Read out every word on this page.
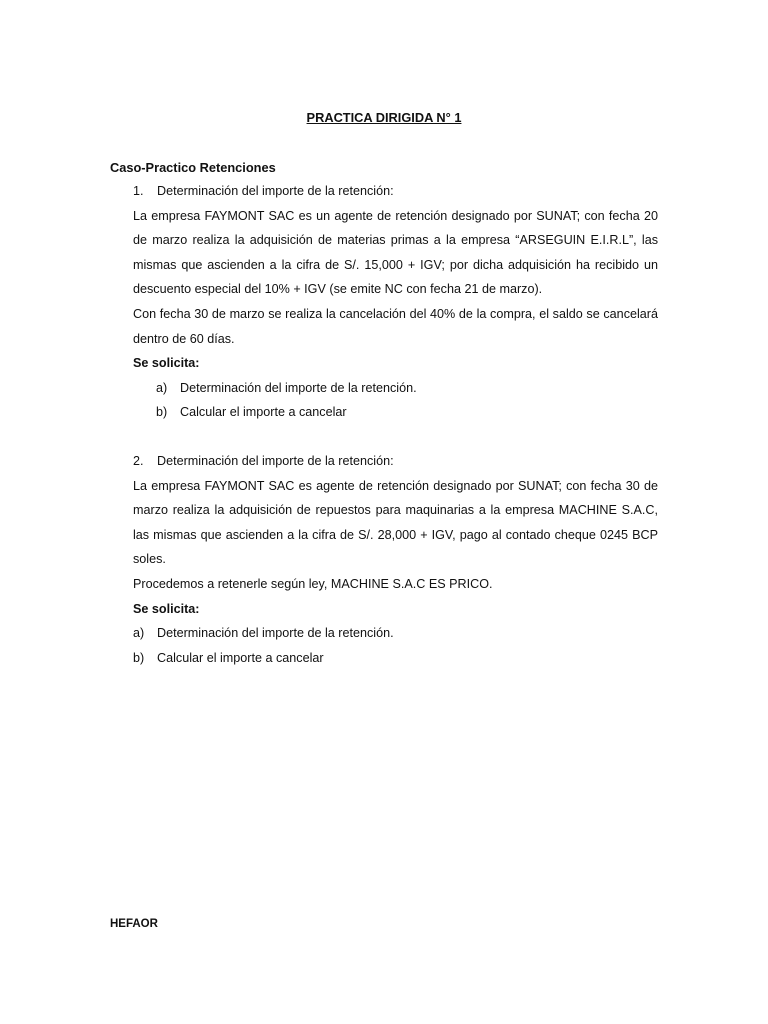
PRACTICA DIRIGIDA N° 1
Caso-Practico Retenciones
1. Determinación del importe de la retención:
La empresa FAYMONT SAC es un agente de retención designado por SUNAT; con fecha 20
de marzo realiza la adquisición de materias primas a la empresa “ARSEGUIN E.I.R.L”, las
mismas que ascienden a la cifra de S/. 15,000 + IGV; por dicha adquisición ha recibido un
descuento especial del 10% + IGV (se emite NC con fecha 21 de marzo).
Con fecha 30 de marzo se realiza la cancelación del 40% de la compra, el saldo se cancelará
dentro de 60 días.
Se solicita:
a) Determinación del importe de la retención.
b) Calcular el importe a cancelar
2. Determinación del importe de la retención:
La empresa FAYMONT SAC es agente de retención designado por SUNAT; con fecha 30 de
marzo realiza la adquisición de repuestos para maquinarias a la empresa MACHINE S.A.C,
las mismas que ascienden a la cifra de S/. 28,000 + IGV, pago al contado cheque 0245 BCP
soles.
Procedemos a retenerle según ley, MACHINE S.A.C ES PRICO.
Se solicita:
a) Determinación del importe de la retención.
b) Calcular el importe a cancelar
HEFAOR
